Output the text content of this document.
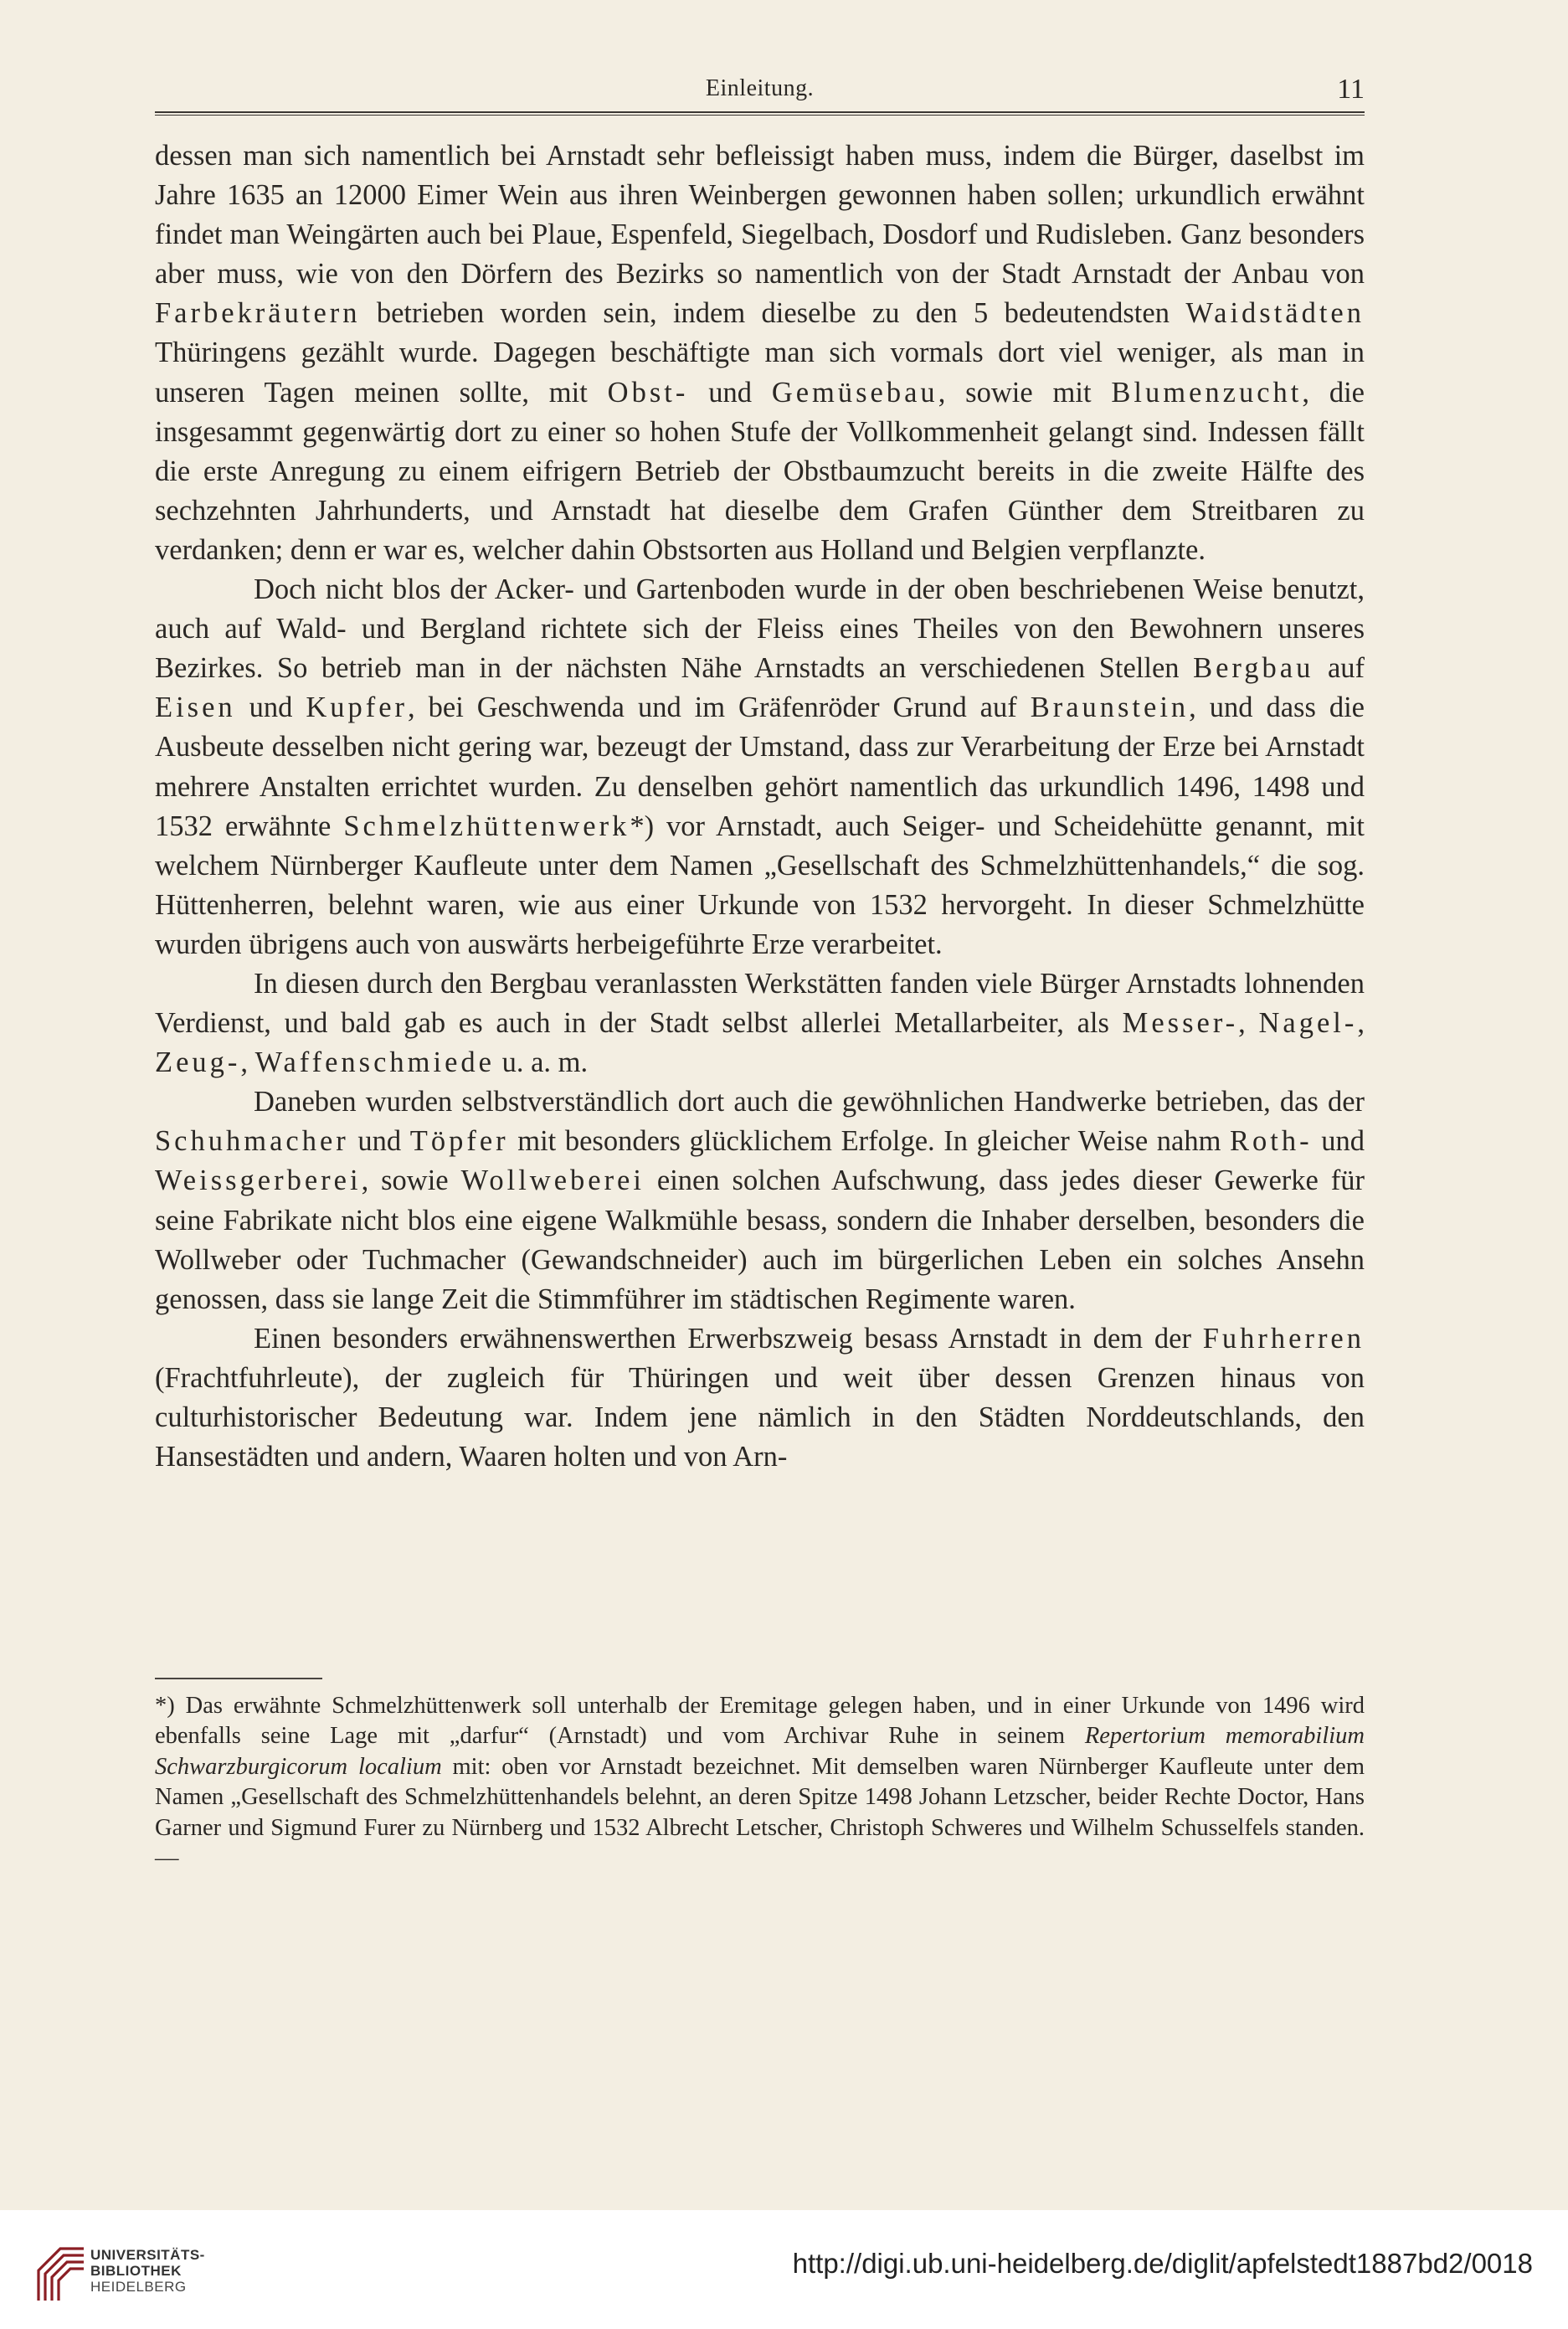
Einleitung.	11

dessen man sich namentlich bei Arnstadt sehr befleissigt haben muss, indem die Bürger, daselbst im Jahre 1635 an 12000 Eimer Wein aus ihren Weinbergen gewonnen haben sollen; urkundlich erwähnt findet man Weingärten auch bei Plaue, Espenfeld, Siegelbach, Dosdorf und Rudisleben. Ganz besonders aber muss, wie von den Dörfern des Bezirks so namentlich von der Stadt Arnstadt der Anbau von Farbekräutern betrieben worden sein, indem dieselbe zu den 5 bedeutendsten Waidstädten Thüringens gezählt wurde. Dagegen beschäftigte man sich vormals dort viel weniger, als man in unseren Tagen meinen sollte, mit Obst- und Gemüsebau, sowie mit Blumenzucht, die insgesammt gegenwärtig dort zu einer so hohen Stufe der Vollkommenheit gelangt sind. Indessen fällt die erste Anregung zu einem eifrigern Betrieb der Obstbaumzucht bereits in die zweite Hälfte des sechzehnten Jahrhunderts, und Arnstadt hat dieselbe dem Grafen Günther dem Streitbaren zu verdanken; denn er war es, welcher dahin Obstsorten aus Holland und Belgien verpflanzte.

Doch nicht blos der Acker- und Gartenboden wurde in der oben beschriebenen Weise benutzt, auch auf Wald- und Bergland richtete sich der Fleiss eines Theiles von den Bewohnern unseres Bezirkes. So betrieb man in der nächsten Nähe Arnstadts an verschiedenen Stellen Bergbau auf Eisen und Kupfer, bei Geschwenda und im Gräfenröder Grund auf Braunstein, und dass die Ausbeute desselben nicht gering war, bezeugt der Umstand, dass zur Verarbeitung der Erze bei Arnstadt mehrere Anstalten errichtet wurden. Zu denselben gehört namentlich das urkundlich 1496, 1498 und 1532 erwähnte Schmelzhüttenwerk*) vor Arnstadt, auch Seiger- und Scheidehütte genannt, mit welchem Nürnberger Kaufleute unter dem Namen „Gesellschaft des Schmelzhüttenhandels,“ die sog. Hüttenherren, belehnt waren, wie aus einer Urkunde von 1532 hervorgeht. In dieser Schmelzhütte wurden übrigens auch von auswärts herbeigeführte Erze verarbeitet.

In diesen durch den Bergbau veranlassten Werkstätten fanden viele Bürger Arnstadts lohnenden Verdienst, und bald gab es auch in der Stadt selbst allerlei Metallarbeiter, als Messer-, Nagel-, Zeug-, Waffenschmiede u. a. m.

Daneben wurden selbstverständlich dort auch die gewöhnlichen Handwerke betrieben, das der Schuhmacher und Töpfer mit besonders glücklichem Erfolge. In gleicher Weise nahm Roth- und Weissgerberei, sowie Wollweberei einen solchen Aufschwung, dass jedes dieser Gewerke für seine Fabrikate nicht blos eine eigene Walkmühle besass, sondern die Inhaber derselben, besonders die Wollweber oder Tuchmacher (Gewandschneider) auch im bürgerlichen Leben ein solches Ansehn genossen, dass sie lange Zeit die Stimmführer im städtischen Regimente waren.

Einen besonders erwähnenswerthen Erwerbszweig besass Arnstadt in dem der Fuhrherren (Frachtfuhrleute), der zugleich für Thüringen und weit über dessen Grenzen hinaus von culturhistorischer Bedeutung war. Indem jene nämlich in den Städten Norddeutschlands, den Hansestädten und andern, Waaren holten und von Arn-

*) Das erwähnte Schmelzhüttenwerk soll unterhalb der Eremitage gelegen haben, und in einer Urkunde von 1496 wird ebenfalls seine Lage mit „darfur“ (Arnstadt) und vom Archivar Ruhe in seinem Repertorium memorabilium Schwarzburgicorum localium mit: oben vor Arnstadt bezeichnet. Mit demselben waren Nürnberger Kaufleute unter dem Namen „Gesellschaft des Schmelzhüttenhandels belehnt, an deren Spitze 1498 Johann Letzscher, beider Rechte Doctor, Hans Garner und Sigmund Furer zu Nürnberg und 1532 Albrecht Letscher, Christoph Schweres und Wilhelm Schusselfels standen. —

UNIVERSITÄTS-
BIBLIOTHEK
HEIDELBERG
http://digi.ub.uni-heidelberg.de/diglit/apfelstedt1887bd2/0018
